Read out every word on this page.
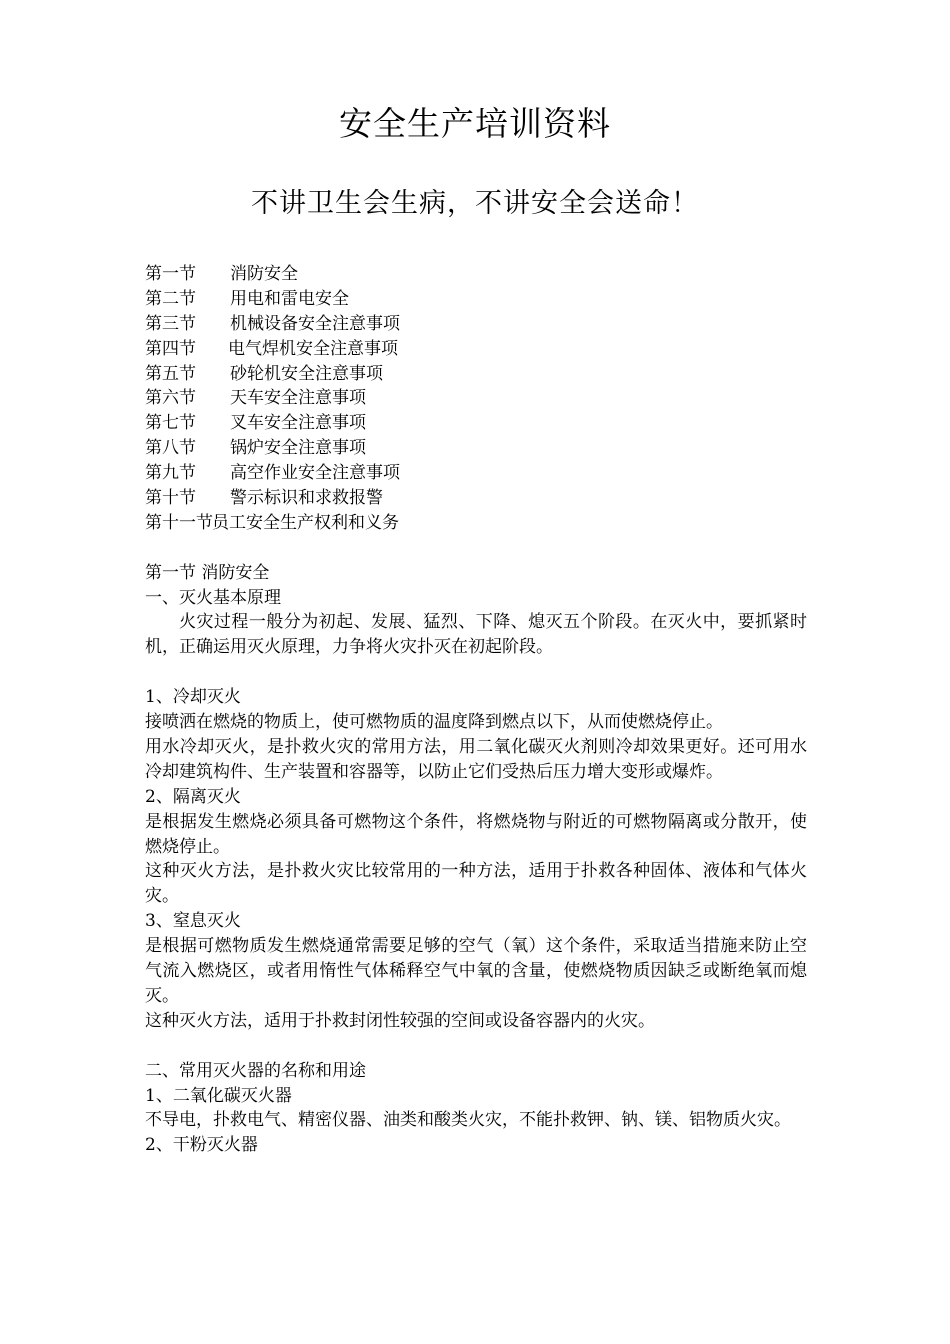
安全生产培训资料
不讲卫生会生病，不讲安全会送命！
第一节	消防安全
第二节	用电和雷电安全
第三节	机械设备安全注意事项
第四节	电气焊机安全注意事项
第五节	砂轮机安全注意事项
第六节	天车安全注意事项
第七节	叉车安全注意事项
第八节	锅炉安全注意事项
第九节	高空作业安全注意事项
第十节	警示标识和求救报警
第十一节 员工安全生产权利和义务
第一节 消防安全
一、灭火基本原理
火灾过程一般分为初起、发展、猛烈、下降、熄灭五个阶段。在灭火中，要抓紧时机，正确运用灭火原理，力争将火灾扑灭在初起阶段。
1、冷却灭火
接喷洒在燃烧的物质上，使可燃物质的温度降到燃点以下，从而使燃烧停止。
用水冷却灭火，是扑救火灾的常用方法，用二氧化碳灭火剂则冷却效果更好。还可用水冷却建筑构件、生产装置和容器等，以防止它们受热后压力增大变形或爆炸。
2、隔离灭火
是根据发生燃烧必须具备可燃物这个条件，将燃烧物与附近的可燃物隔离或分散开，使燃烧停止。
这种灭火方法，是扑救火灾比较常用的一种方法，适用于扑救各种固体、液体和气体火灾。
3、窒息灭火
是根据可燃物质发生燃烧通常需要足够的空气（氧）这个条件，采取适当措施来防止空气流入燃烧区，或者用惰性气体稀释空气中氧的含量，使燃烧物质因缺乏或断绝氧而熄灭。
这种灭火方法，适用于扑救封闭性较强的空间或设备容器内的火灾。
二、常用灭火器的名称和用途
1、二氧化碳灭火器
不导电，扑救电气、精密仪器、油类和酸类火灾，不能扑救钾、钠、镁、铝物质火灾。
2、干粉灭火器
